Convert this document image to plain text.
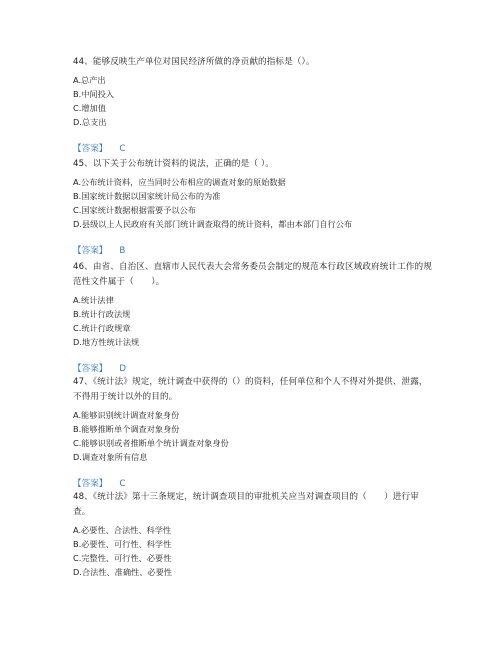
44、能够反映生产单位对国民经济所做的净贡献的指标是（）。

A.总产出
B.中间投入
C.增加值
D.总支出
【答案】 C

45、以下关于公布统计资料的说法，正确的是（ ）。

A.公布统计资料，应当同时公布相应的调查对象的原始数据
B.国家统计数据以国家统计局公布的为准
C.国家统计数据根据需要予以公布
D.县级以上人民政府有关部门统计调查取得的统计资料，都由本部门自行公布
【答案】 B

46、由省、自治区、直辖市人民代表大会常务委员会制定的规范本行政区域政府统计工作的规范性文件属于（　　）。

A.统计法律
B.统计行政法规
C.统计行政规章
D.地方性统计法规
【答案】 D

47、《统计法》规定，统计调查中获得的（）的资料，任何单位和个人不得对外提供、泄露，不得用于统计以外的目的。

A.能够识别统计调查对象身份
B.能够推断单个调查对象身份
C.能够识别或者推断单个统计调查对象身份
D.调查对象所有信息
【答案】 C

48、《统计法》第十三条规定，统计调查项目的审批机关应当对调查项目的（　　）进行审查。

A.必要性、合法性、科学性
B.必要性、可行性、科学性
C.完整性、可行性、必要性
D.合法性、准确性、必要性
